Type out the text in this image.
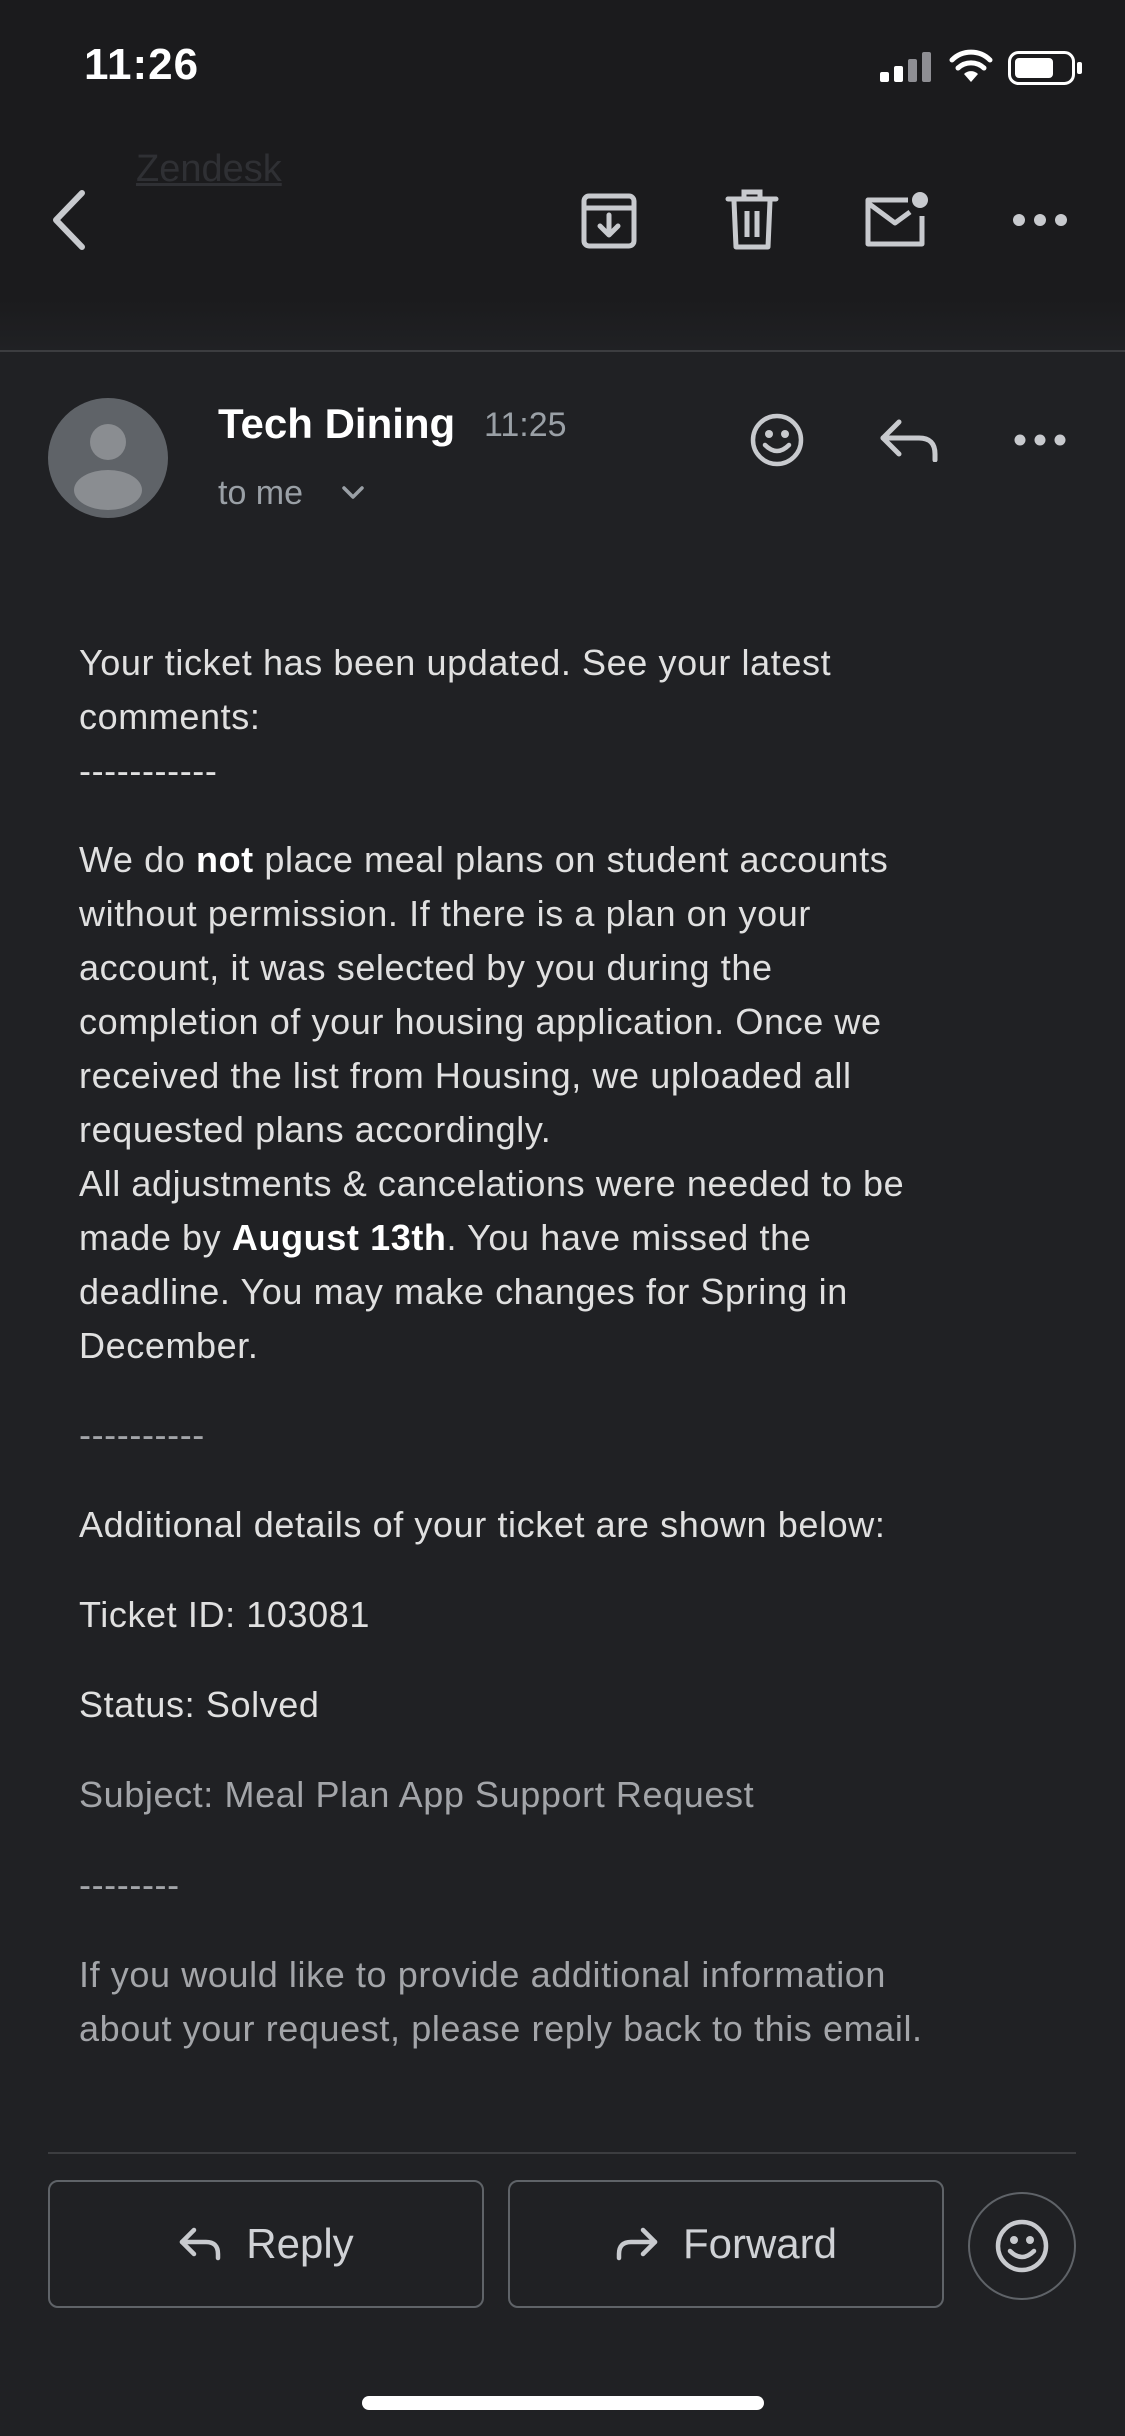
Zendesk
11:26
Tech Dining 11:25
to me
Your ticket has been updated. See your latest
comments:
-----------
We do not place meal plans on student accounts
without permission. If there is a plan on your
account, it was selected by you during the
completion of your housing application. Once we
received the list from Housing, we uploaded all
requested plans accordingly.
All adjustments & cancelations were needed to be
made by August 13th. You have missed the
deadline. You may make changes for Spring in
December.
----------
Additional details of your ticket are shown below:
Ticket ID: 103081
Status: Solved
Subject: Meal Plan App Support Request
--------
If you would like to provide additional information
about your request, please reply back to this email.
Reply	Forward
